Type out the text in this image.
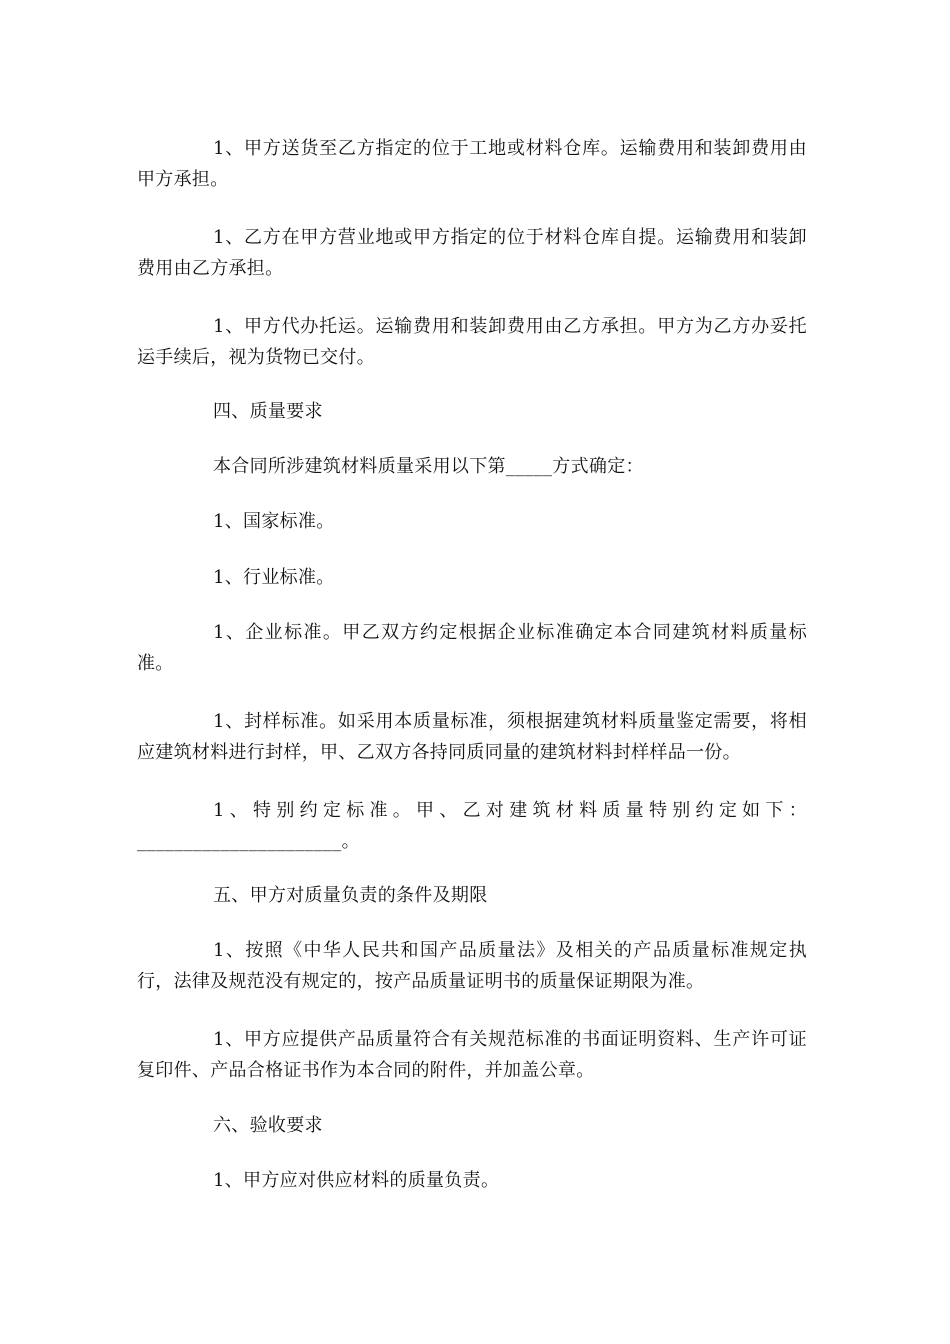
1、甲方送货至乙方指定的位于工地或材料仓库。运输费用和装卸费用由甲方承担。

1、乙方在甲方营业地或甲方指定的位于材料仓库自提。运输费用和装卸费用由乙方承担。

1、甲方代办托运。运输费用和装卸费用由乙方承担。甲方为乙方办妥托运手续后，视为货物已交付。

四、质量要求

本合同所涉建筑材料质量采用以下第_____方式确定：

1、国家标准。

1、行业标准。

1、企业标准。甲乙双方约定根据企业标准确定本合同建筑材料质量标准。

1、封样标准。如采用本质量标准，须根据建筑材料质量鉴定需要，将相应建筑材料进行封样，甲、乙双方各持同质同量的建筑材料封样样品一份。

1、特别约定标准。甲、乙对建筑材料质量特别约定如下：______________________。

五、甲方对质量负责的条件及期限

1、按照《中华人民共和国产品质量法》及相关的产品质量标准规定执行，法律及规范没有规定的，按产品质量证明书的质量保证期限为准。

1、甲方应提供产品质量符合有关规范标准的书面证明资料、生产许可证复印件、产品合格证书作为本合同的附件，并加盖公章。

六、验收要求

1、甲方应对供应材料的质量负责。
